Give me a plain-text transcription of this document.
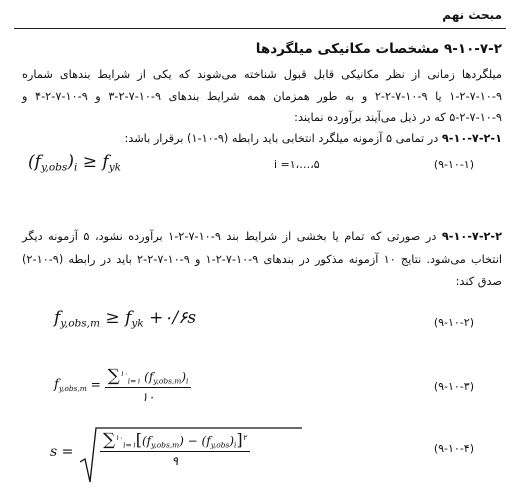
مبحث نهم
۹-۱۰-۷-۲ مشخصات مکانیکی میلگردها
میلگردها زمانی از نظر مکانیکی قابل قبول شناخته می‌شوند که یکی از شرایط بندهای شماره ۹-۱۰-۷-۲-۱ یا ۹-۱۰-۷-۲-۲ و به طور همزمان همه شرایط بندهای ۹-۱۰-۷-۲-۳ و ۹-۱۰-۷-۲-۴ و ۹-۱۰-۷-۲-۵ که در ذیل می‌آیند برآورده نمایند:
۹-۱۰-۷-۲-۱ در تمامی ۵ آزمونه میلگرد انتخابی باید رابطه (۹-۱۰-۱) برقرار باشد:
$(f_{y,obs})_i \ge f_{yk}$	i =۱،…،۵	(۹-۱۰-۱)
۹-۱۰-۷-۲-۲ در صورتی که تمام یا بخشی از شرایط بند ۹-۱۰-۷-۲-۱ برآورده نشود، ۵ آزمونه دیگر انتخاب می‌شود. نتایج ۱۰ آزمونه مذکور در بندهای ۹-۱۰-۷-۲-۱ و ۹-۱۰-۷-۲-۲ باید در رابطه (۹-۱۰-۲) صدق کند:
$f_{y,obs,m} \ge f_{yk}$ +۰/۶s	(۹-۱۰-۲)
$f_{y,obs,m} = \frac{\sum^{۱۰}_{i=۱} (f_{y,obs,m})_i}{۱۰}$	(۹-۱۰-۳)
s =
$\sum^{۱۰}_{i=۱}[(f_{y,obs,m}) - (f_{y,obs})_i]^۲$
۹
(۹-۱۰-۴)
